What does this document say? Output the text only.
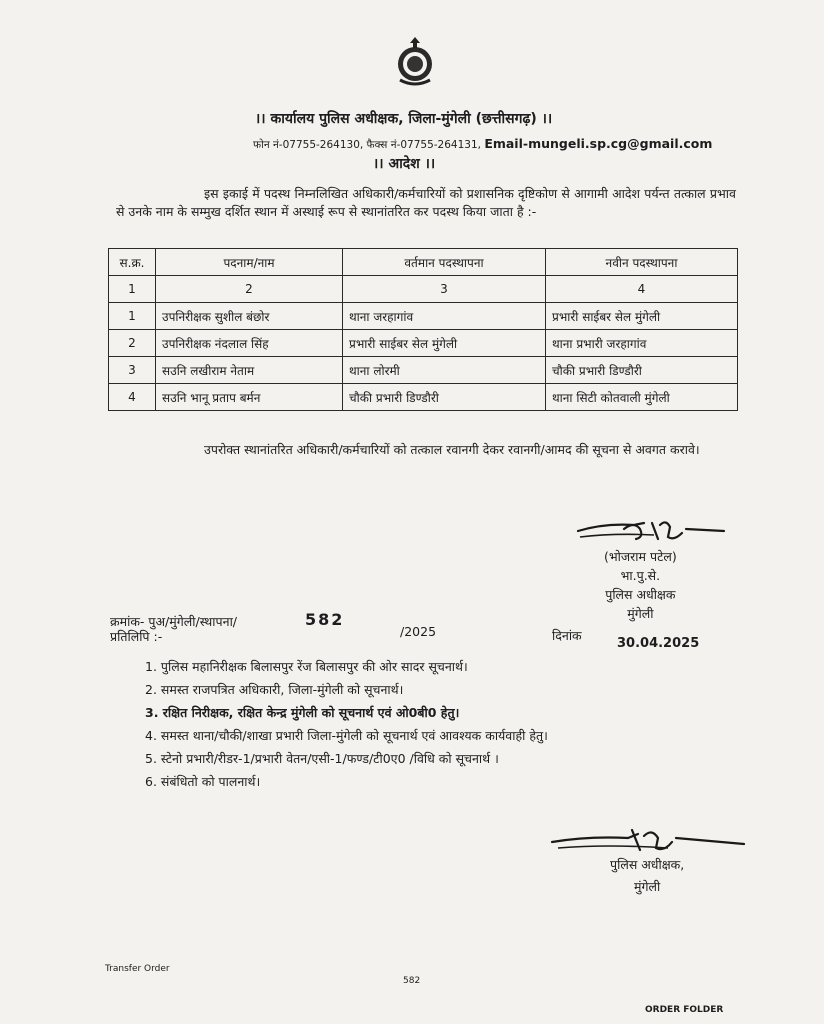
।। कार्यालय पुलिस अधीक्षक, जिला-मुंगेली (छत्तीसगढ़) ।।
फोन नं-07755-264130, फैक्स नं-07755-264131, Email-mungeli.sp.cg@gmail.com
।। आदेश ।।
इस इकाई में पदस्थ निम्नलिखित अधिकारी/कर्मचारियों को प्रशासनिक दृष्टिकोण से आगामी आदेश पर्यन्त तत्काल प्रभाव से उनके नाम के सम्मुख दर्शित स्थान में अस्थाई रूप से स्थानांतरित कर पदस्थ किया जाता है :-
स.क्र.	पदनाम/नाम	वर्तमान पदस्थापना	नवीन पदस्थापना
1	2	3	4
1	उपनिरीक्षक सुशील बंछोर	थाना जरहागांव	प्रभारी साईबर सेल मुंगेली
2	उपनिरीक्षक नंदलाल सिंह	प्रभारी साईबर सेल मुंगेली	थाना प्रभारी जरहागांव
3	सउनि लखीराम नेताम	थाना लोरमी	चौकी प्रभारी डिण्डौरी
4	सउनि भानू प्रताप बर्मन	चौकी प्रभारी डिण्डौरी	थाना सिटी कोतवाली मुंगेली
उपरोक्त स्थानांतरित अधिकारी/कर्मचारियों को तत्काल रवानगी देकर रवानगी/आमद की सूचना से अवगत करावे।
(भोजराम पटेल)
भा.पु.से.
पुलिस अधीक्षक
मुंगेली
क्रमांक- पुअ/मुंगेली/स्थापना/	582
/2025	दिनांक
30.04.2025
प्रतिलिपि :-
1. पुलिस महानिरीक्षक बिलासपुर रेंज बिलासपुर की ओर सादर सूचनार्थ।
2. समस्त राजपत्रित अधिकारी, जिला-मुंगेली को सूचनार्थ।
3. रक्षित निरीक्षक, रक्षित केन्द्र मुंगेली को सूचनार्थ एवं ओ0बी0 हेतु।
4. समस्त थाना/चौकी/शाखा प्रभारी जिला-मुंगेली को सूचनार्थ एवं आवश्यक कार्यवाही हेतु।
5. स्टेनो प्रभारी/रीडर-1/प्रभारी वेतन/एसी-1/फण्ड/टी0ए0 /विधि को सूचनार्थ ।
6. संबंधितो को पालनार्थ।
पुलिस अधीक्षक,
मुंगेली
Transfer Order
582
ORDER FOLDER
